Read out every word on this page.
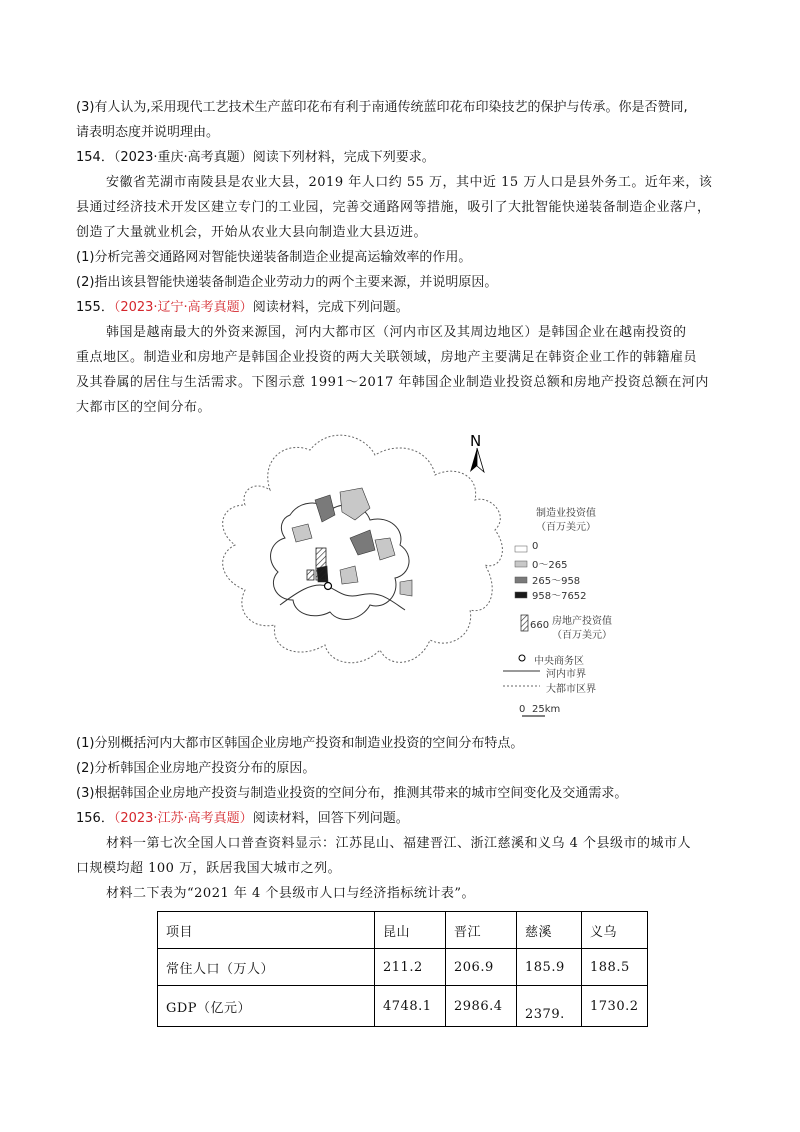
(3)有人认为,采用现代工艺技术生产蓝印花布有利于南通传统蓝印花布印染技艺的保护与传承。你是否赞同,
请表明态度并说明理由。
154．（2023·重庆·高考真题）阅读下列材料，完成下列要求。
安徽省芜湖市南陵县是农业大县，2019 年人口约 55 万，其中近 15 万人口是县外务工。近年来，该
县通过经济技术开发区建立专门的工业园，完善交通路网等措施，吸引了大批智能快递装备制造企业落户，
创造了大量就业机会，开始从农业大县向制造业大县迈进。
(1)分析完善交通路网对智能快递装备制造企业提高运输效率的作用。
(2)指出该县智能快递装备制造企业劳动力的两个主要来源，并说明原因。
155．（2023·辽宁·高考真题）阅读材料，完成下列问题。
韩国是越南最大的外资来源国，河内大都市区（河内市区及其周边地区）是韩国企业在越南投资的
重点地区。制造业和房地产是韩国企业投资的两大关联领域，房地产主要满足在韩资企业工作的韩籍雇员
及其眷属的居住与生活需求。下图示意 1991～2017 年韩国企业制造业投资总额和房地产投资总额在河内
大都市区的空间分布。
N
制造业投资值
（百万美元）
0
0～265
265～958
958～7652
660 房地产投资值
（百万美元）
中央商务区
河内市界
大都市区界
0 25km
(1)分别概括河内大都市区韩国企业房地产投资和制造业投资的空间分布特点。
(2)分析韩国企业房地产投资分布的原因。
(3)根据韩国企业房地产投资与制造业投资的空间分布，推测其带来的城市空间变化及交通需求。
156．（2023·江苏·高考真题）阅读材料，回答下列问题。
材料一第七次全国人口普查资料显示：江苏昆山、福建晋江、浙江慈溪和义乌 4 个县级市的城市人
口规模均超 100 万，跃居我国大城市之列。
材料二下表为“2021 年 4 个县级市人口与经济指标统计表”。
项目	昆山	晋江	慈溪	义乌
常住人口（万人）	211.2	206.9	185.9	188.5
GDP（亿元）	4748.1	2986.4	2379.	1730.2
